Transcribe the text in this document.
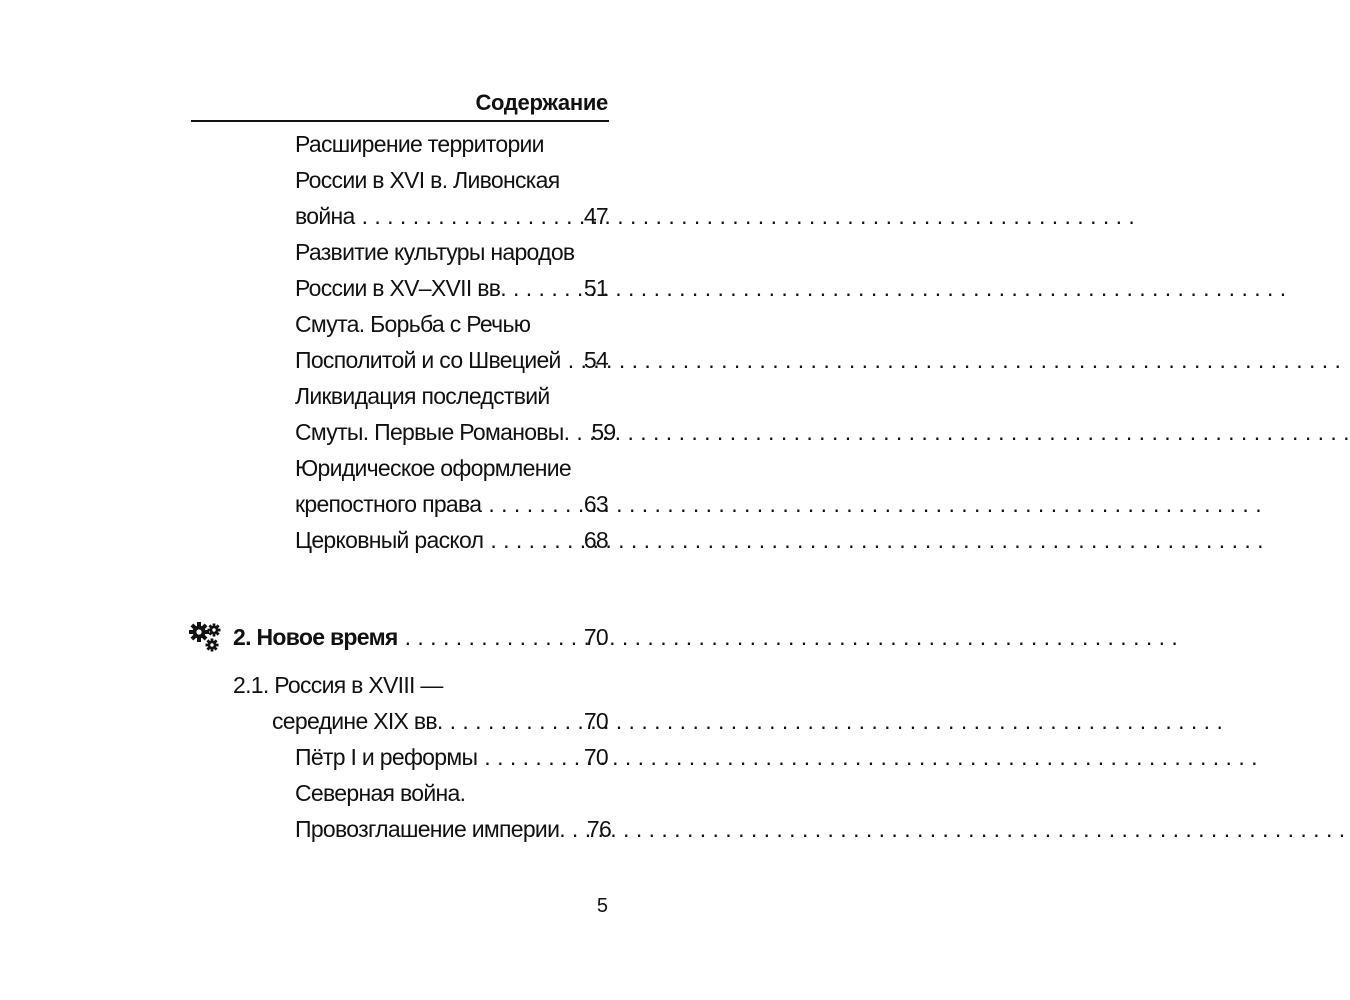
Содержание
Расширение территории
России в XVI в. Ливонская
война . . .	47
Развитие культуры народов
России в XV–XVII вв. . . .	51
Смута. Борьба с Речью
Посполитой и со Швецией . . . 54
Ликвидация последствий
Смуты. Первые Романовы. . . . 59
Юридическое оформление
крепостного права . . .	63
Церковный раскол . . .	68
2. Новое время . . .	70
2.1. Россия в XVIII —
середине XIX вв. . . .	70
Пётр I и реформы . . .	70
Северная война.
Провозглашение империи. . . . 76
5
